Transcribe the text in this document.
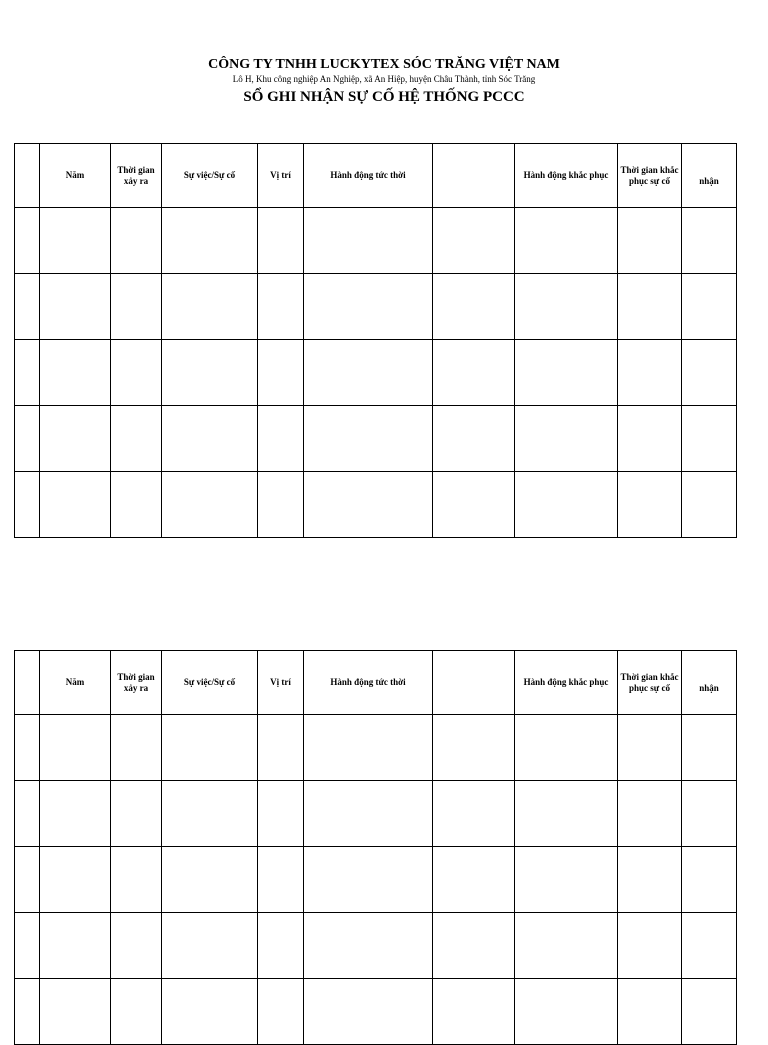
CÔNG TY TNHH LUCKYTEX SÓC TRĂNG VIỆT NAM
Lô H, Khu công nghiệp An Nghiệp, xã An Hiệp, huyện Châu Thành, tỉnh Sóc Trăng
SỔ GHI NHẬN SỰ CỐ HỆ THỐNG PCCC
	Năm	Thời gian xảy ra	Sự việc/Sự cố	Vị trí	Hành động tức thời		Hành động khắc phục	Thời gian khắc phục sự cố	nhận

	Năm	Thời gian xảy ra	Sự việc/Sự cố	Vị trí	Hành động tức thời		Hành động khắc phục	Thời gian khắc phục sự cố	nhận
